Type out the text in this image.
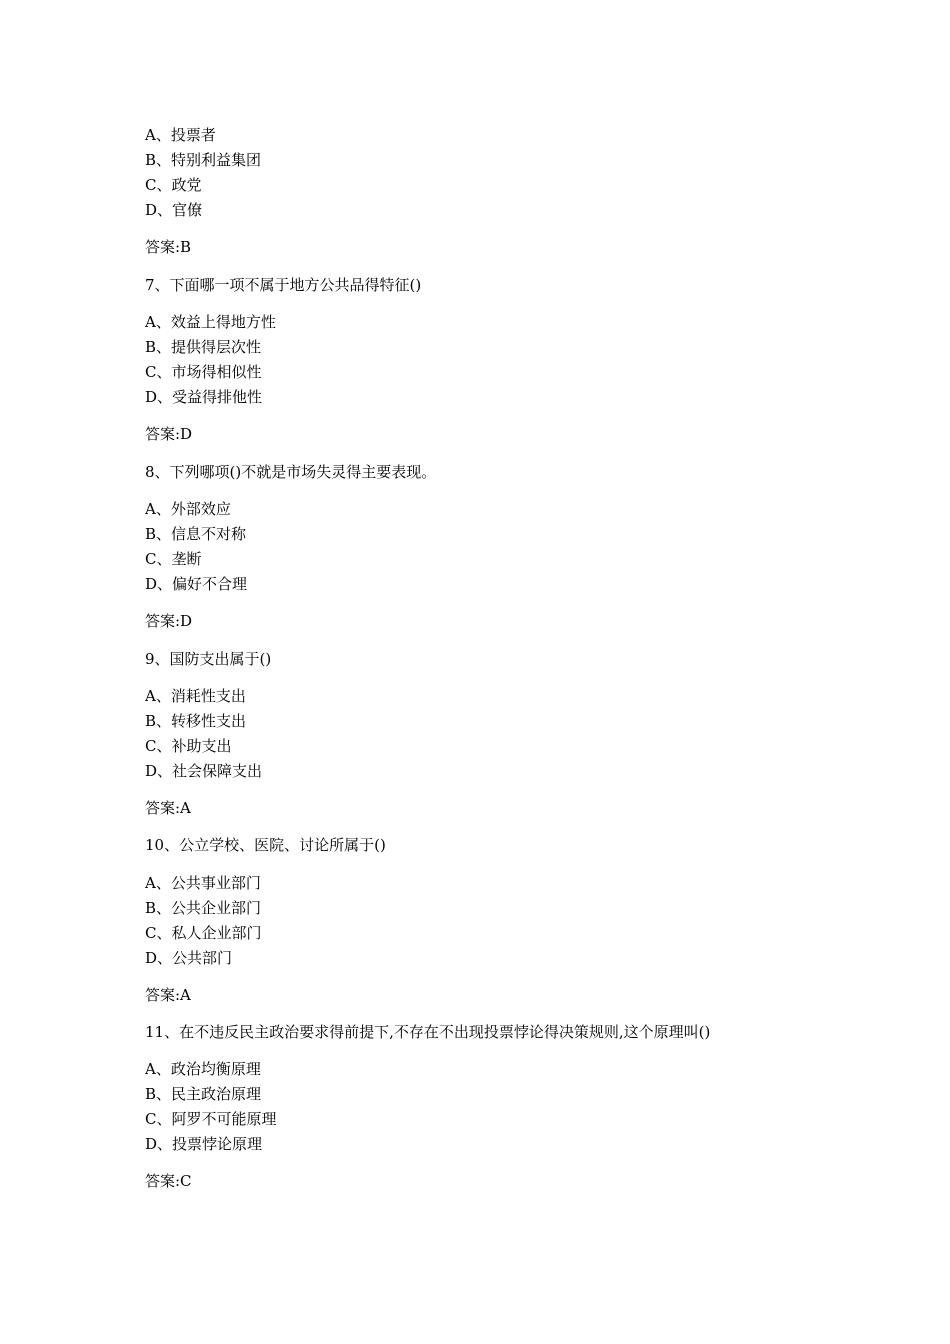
A、投票者
B、特别利益集团
C、政党
D、官僚
答案:B
7、下面哪一项不属于地方公共品得特征()
A、效益上得地方性
B、提供得层次性
C、市场得相似性
D、受益得排他性
答案:D
8、下列哪项()不就是市场失灵得主要表现。
A、外部效应
B、信息不对称
C、垄断
D、偏好不合理
答案:D
9、国防支出属于()
A、消耗性支出
B、转移性支出
C、补助支出
D、社会保障支出
答案:A
10、公立学校、医院、讨论所属于()
A、公共事业部门
B、公共企业部门
C、私人企业部门
D、公共部门
答案:A
11、在不违反民主政治要求得前提下,不存在不出现投票悖论得决策规则,这个原理叫()
A、政治均衡原理
B、民主政治原理
C、阿罗不可能原理
D、投票悖论原理
答案:C
